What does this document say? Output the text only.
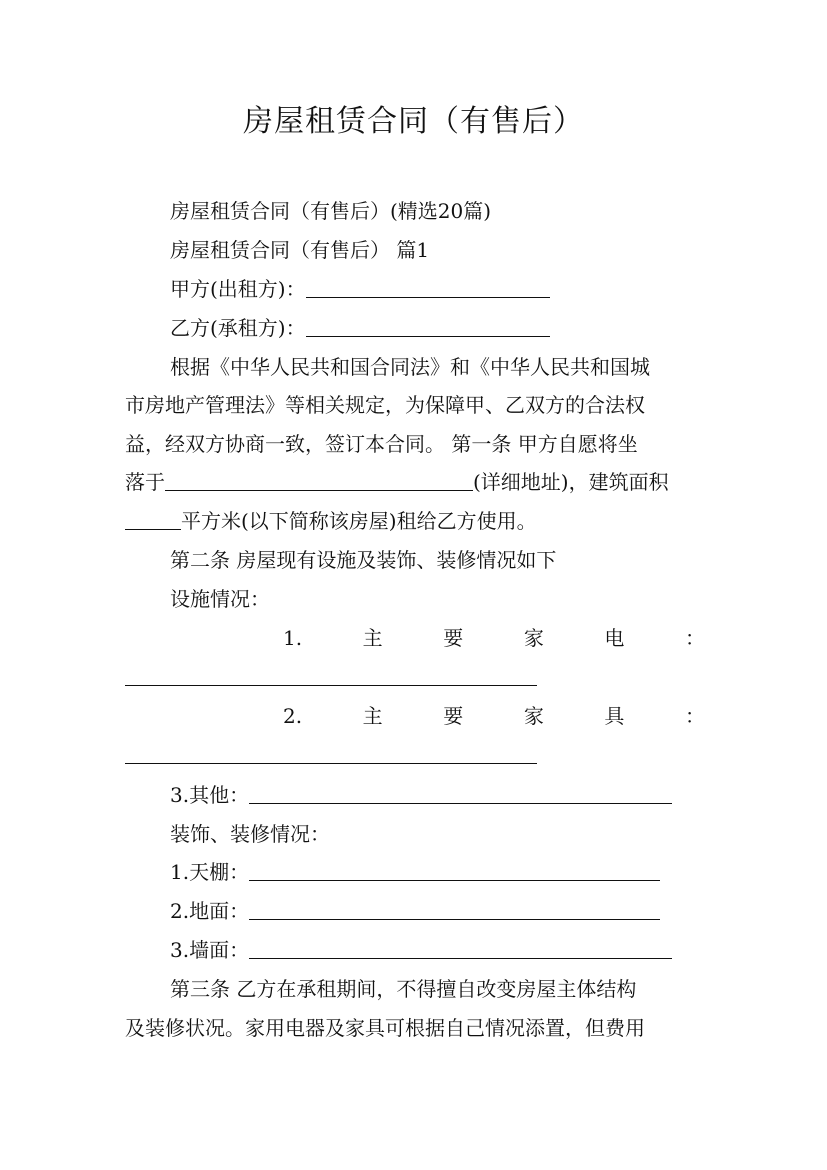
房屋租赁合同（有售后）
房屋租赁合同（有售后）(精选20篇)
房屋租赁合同（有售后） 篇1
甲方(出租方)：
乙方(承租方)：
根据《中华人民共和国合同法》和《中华人民共和国城
市房地产管理法》等相关规定，为保障甲、乙双方的合法权
益，经双方协商一致，签订本合同。 第一条 甲方自愿将坐
落于	(详细地址)，建筑面积
平方米(以下简称该房屋)租给乙方使用。
第二条 房屋现有设施及装饰、装修情况如下
设施情况：
1.	主	要	家	电	：
2.	主	要	家	具	：
3.其他：
装饰、装修情况：
1.天棚：
2.地面：
3.墙面：
第三条 乙方在承租期间，不得擅自改变房屋主体结构
及装修状况。家用电器及家具可根据自己情况添置，但费用
